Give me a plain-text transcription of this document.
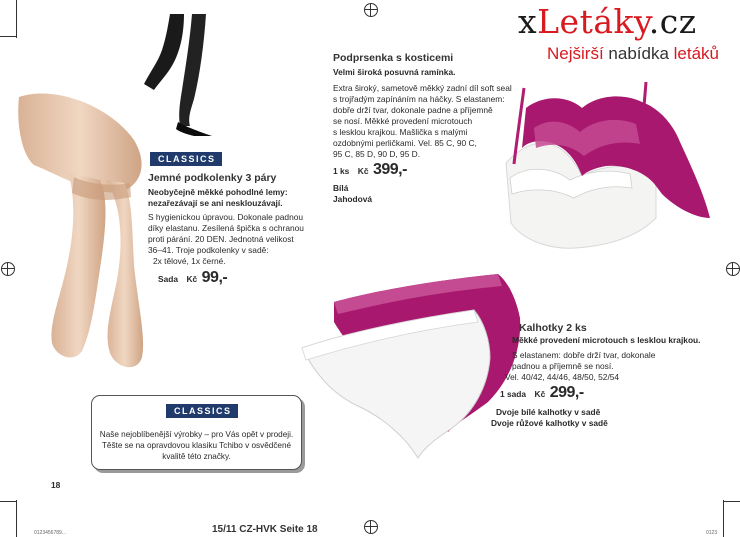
xLetáky.cz
Nejširší nabídka letáků
CLASSICS
Jemné podkolenky 3 páry
Neobyčejně měkké pohodlné lemy:
nezařezávají se ani nesklouzávají.
S hygienickou úpravou. Dokonale padnou
díky elastanu. Zesílená špička s ochranou
proti párání. 20 DEN. Jednotná velikost
36–41. Troje podkolenky v sadě:
2x tělové, 1x černé.
Sada Kč 99,-
Podprsenka s kosticemi
Velmi široká posuvná ramínka.
Extra široký, sametově měkký zadní díl soft seal
s trojřadým zapínáním na háčky. S elastanem:
dobře drží tvar, dokonale padne a příjemně
se nosí. Měkké provedení microtouch
s lesklou krajkou. Mašlička s malými
ozdobnými perličkami. Vel. 85 C, 90 C,
95 C, 85 D, 90 D, 95 D.
1 ks Kč 399,-
Bílá
Jahodová
Kalhotky 2 ks
Měkké provedení microtouch s lesklou krajkou.
S elastanem: dobře drží tvar, dokonale
padnou a příjemně se nosí.
Vel. 40/42, 44/46, 48/50, 52/54
1 sada Kč 299,-
Dvoje bílé kalhotky v sadě
Dvoje růžové kalhotky v sadě
CLASSICS
Naše nejoblíbenější výrobky – pro Vás opět v prodeji.
Těšte se na opravdovou klasiku Tchibo v osvědčené
kvalitě této značky.
18
15/11 CZ-HVK Seite 18
0123456789...	0123
